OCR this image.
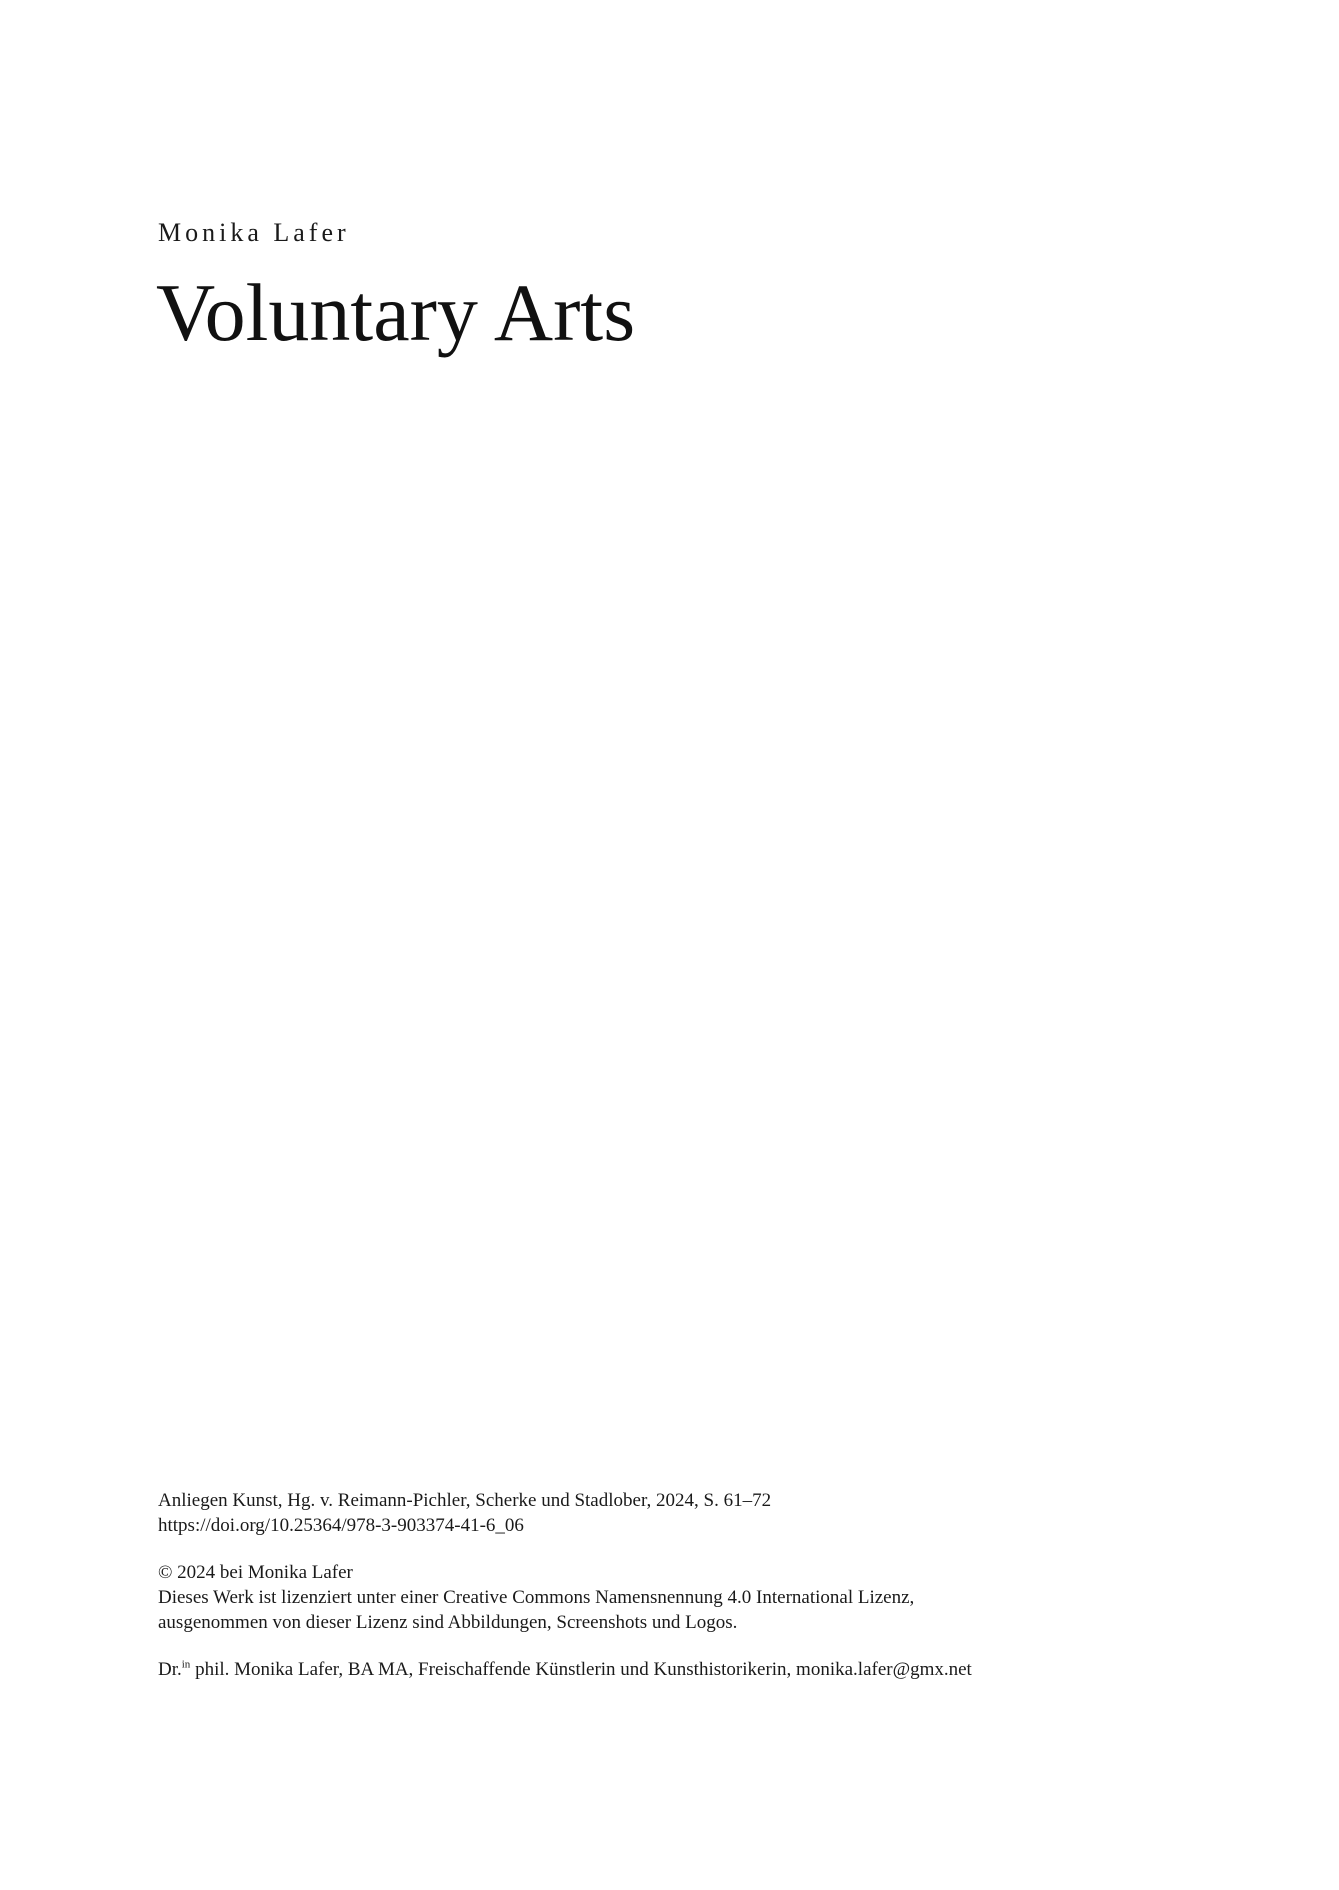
Monika Lafer
Voluntary Arts

Anliegen Kunst, Hg. v. Reimann-Pichler, Scherke und Stadlober, 2024, S. 61–72

https://doi.org/10.25364/978-3-903374-41-6_06

© 2024 bei Monika Lafer

Dieses Werk ist lizenziert unter einer Creative Commons Namensnennung 4.0 International Lizenz,

ausgenommen von dieser Lizenz sind Abbildungen, Screenshots und Logos.

Dr.$^{in}$ phil. Monika Lafer, BA MA, Freischaffende Künstlerin und Kunsthistorikerin, monika.lafer@gmx.net
